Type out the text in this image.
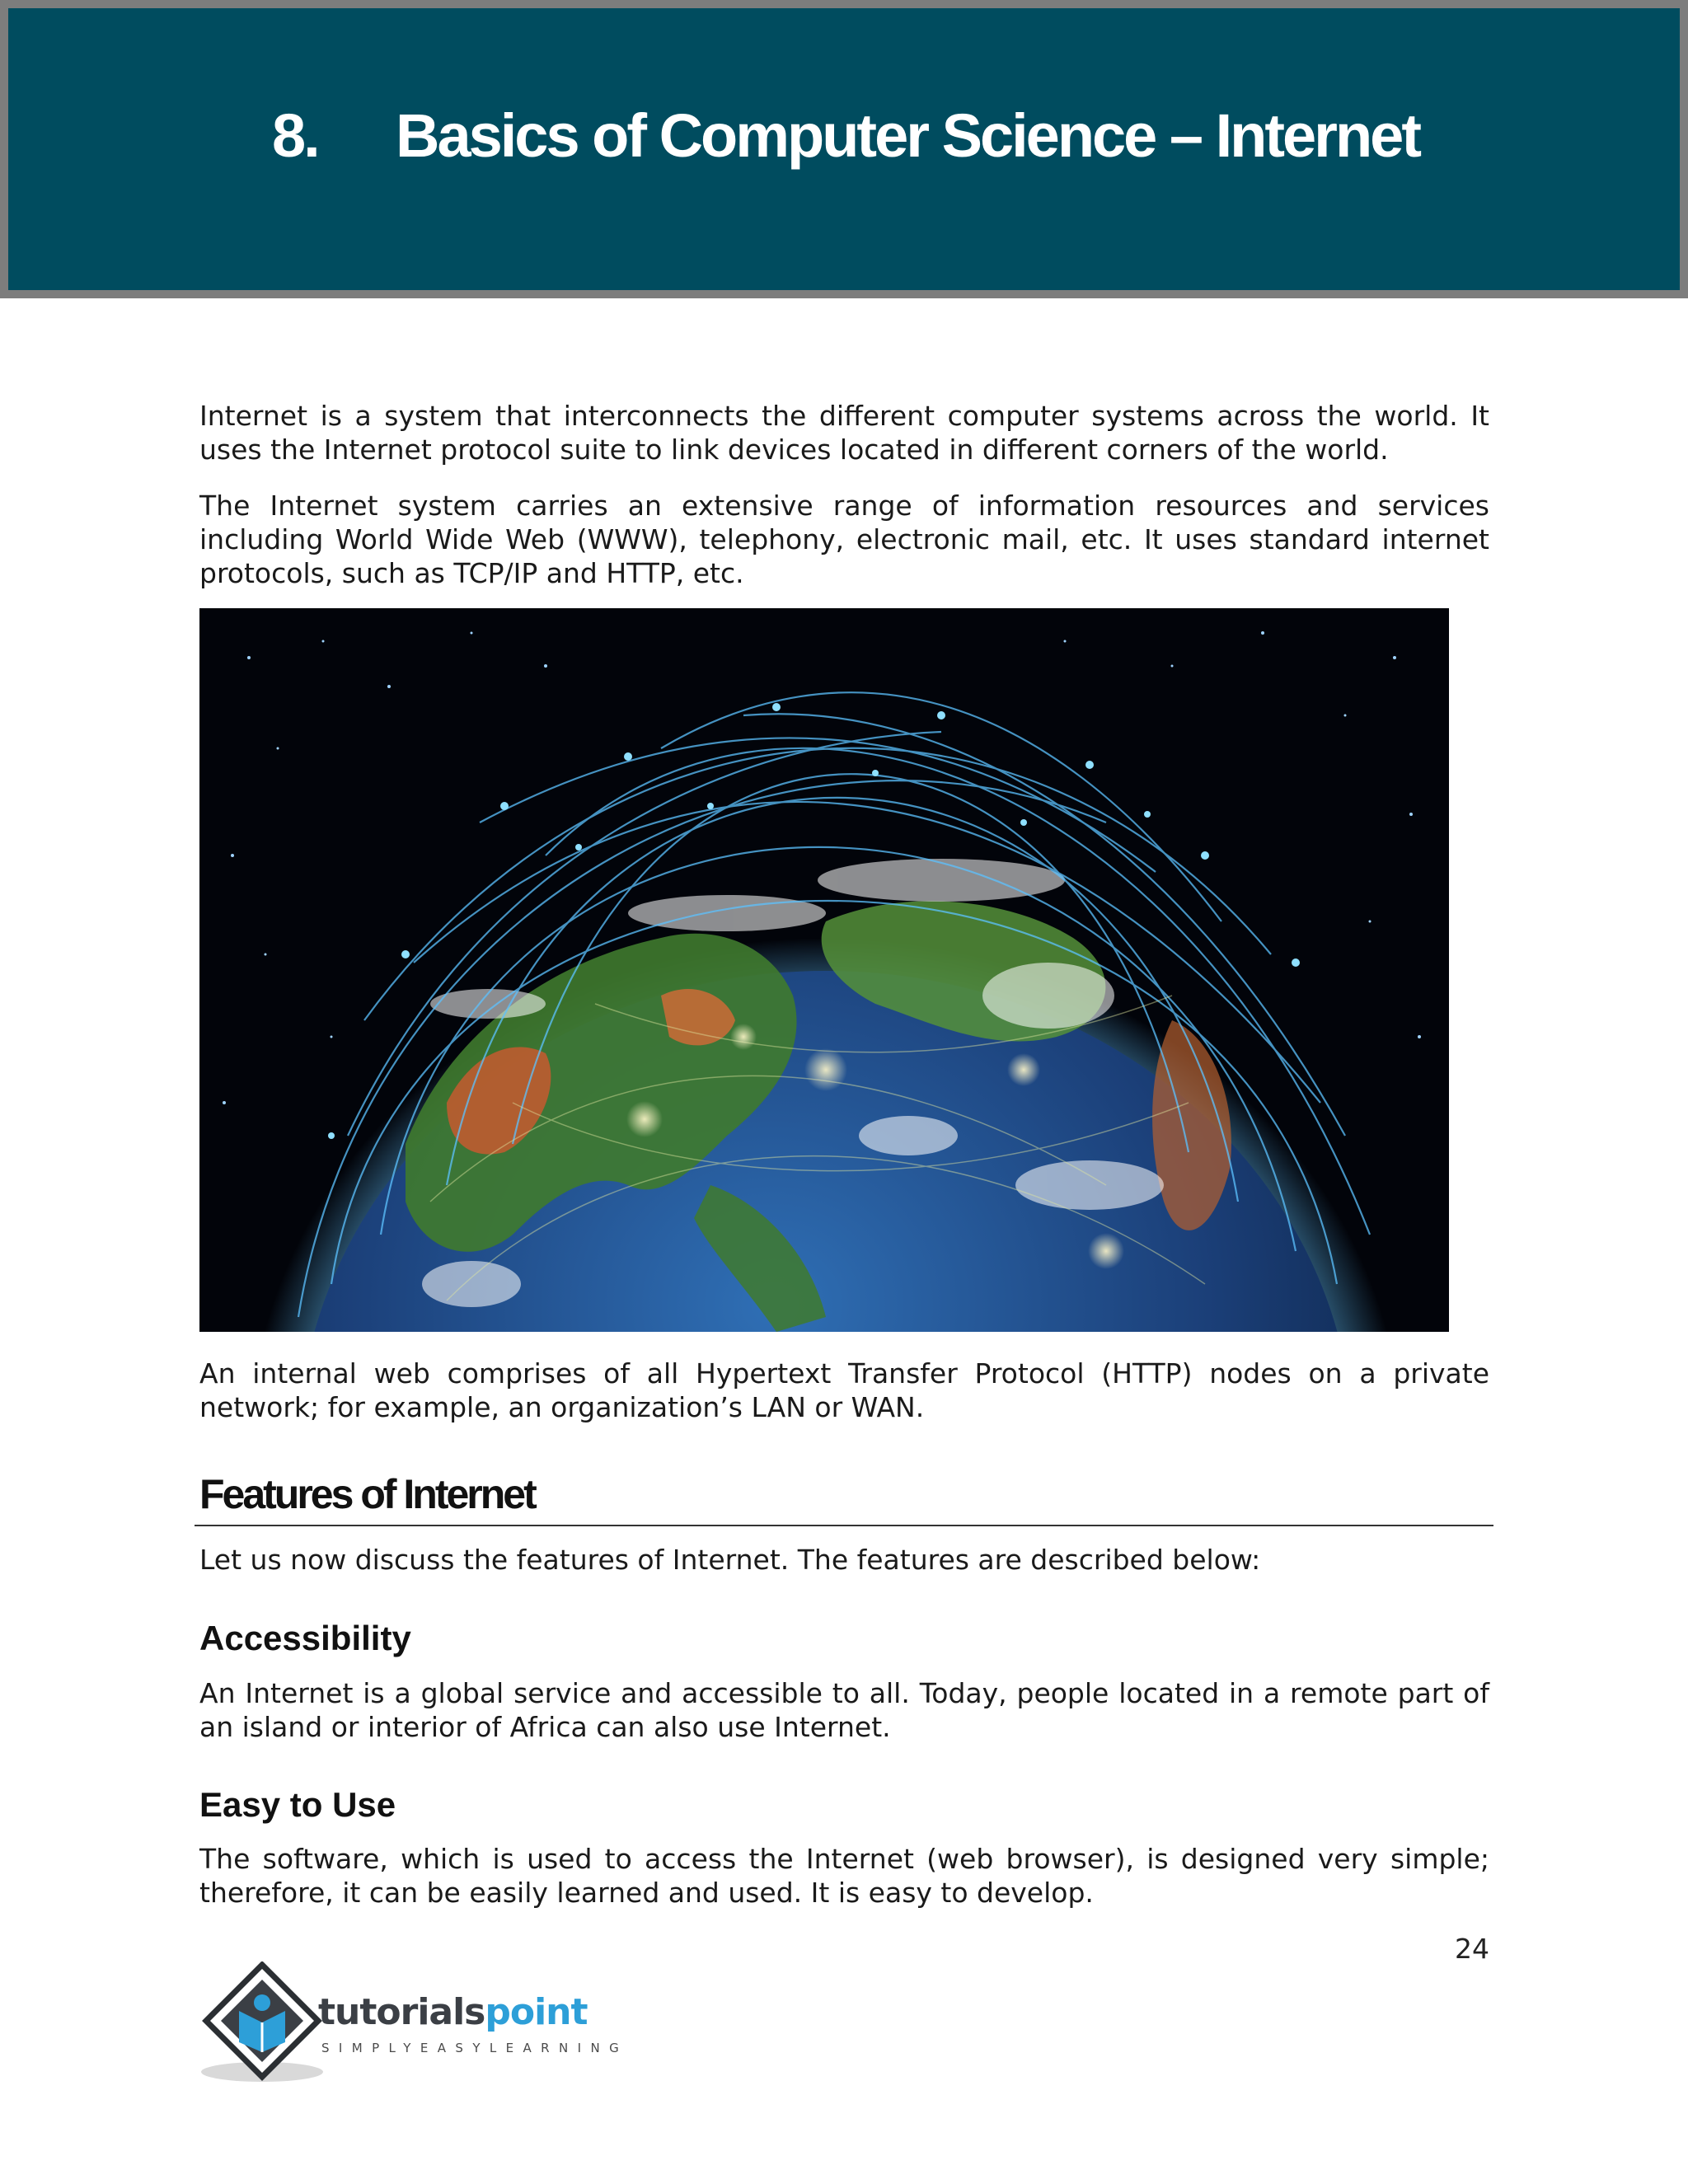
8. Basics of Computer Science – Internet

Internet is a system that interconnects the different computer systems across the world. It uses the Internet protocol suite to link devices located in different corners of the world.

The Internet system carries an extensive range of information resources and services including World Wide Web (WWW), telephony, electronic mail, etc. It uses standard internet protocols, such as TCP/IP and HTTP, etc.

An internal web comprises of all Hypertext Transfer Protocol (HTTP) nodes on a private network; for example, an organization’s LAN or WAN.

Features of Internet

Let us now discuss the features of Internet. The features are described below:

Accessibility

An Internet is a global service and accessible to all. Today, people located in a remote part of an island or interior of Africa can also use Internet.

Easy to Use

The software, which is used to access the Internet (web browser), is designed very simple; therefore, it can be easily learned and used. It is easy to develop.

24
tutorialspoint
SIMPLYEASYLEARNING
